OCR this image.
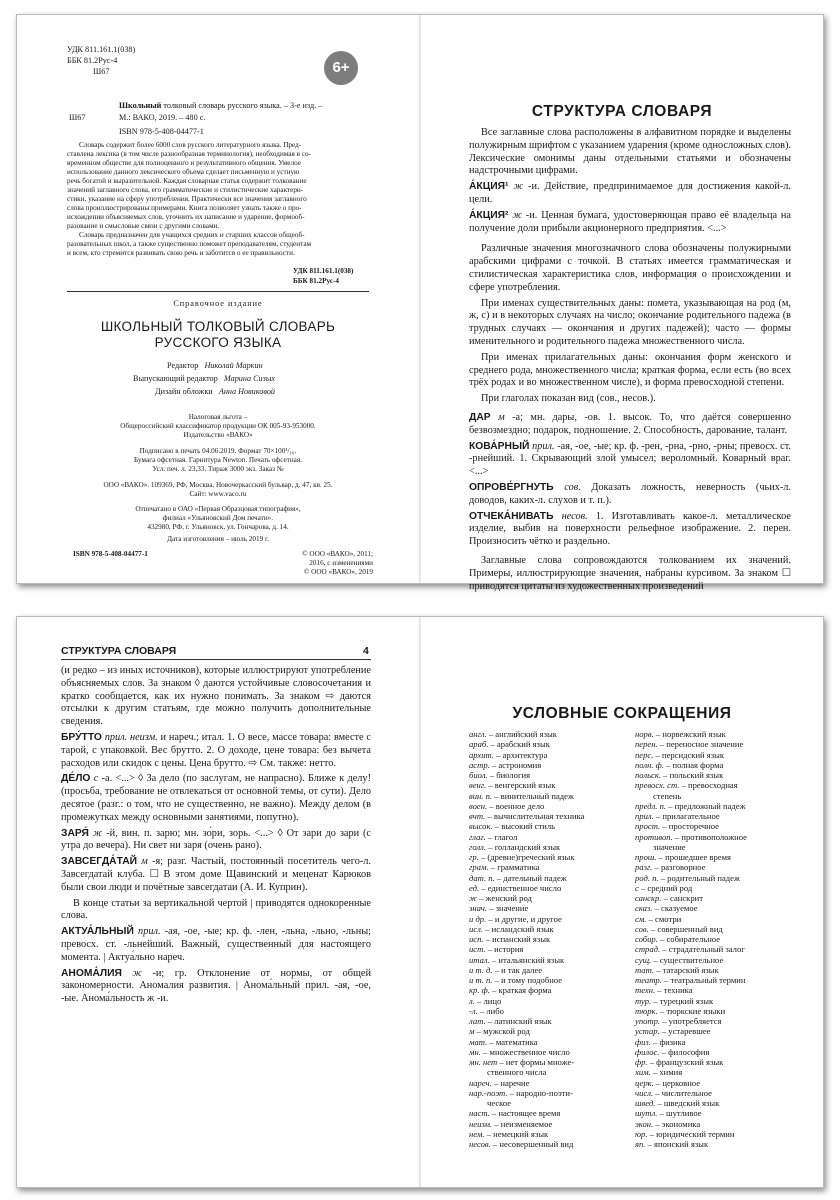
УДК 811.161.1(038)
ББК 81.2Рус-4
Ш67	6+
Школьный толковый словарь русского языка. – 3-е изд. –
Ш67	М.: ВАКО, 2019. – 480 с.
ISBN 978-5-408-04477-1
Словарь содержит более 6000 слов русского литературного языка. Пред-
ставлена лексика (в том числе разнообразная терминология), необходимая в со-
временном обществе для полноценного и результативного общения. Умелое
использование данного лексического объема сделает письменную и устную
речь богатой и выразительной. Каждая словарная статья содержит толкование
значений заглавного слова, его грамматические и стилистические характери-
стики, указание на сферу употребления. Практически все значения заглавного
слова проиллюстрированы примерами. Книга позволяет узнать также о про-
исхождении объясняемых слов, уточнить их написание и ударение, формооб-
разование и смысловые связи с другими словами.
Словарь предназначен для учащихся средних и старших классов общеоб-
разовательных школ, а также существенно поможет преподавателям, студентам
и всем, кто стремится развивать свою речь и заботится о ее правильности.
УДК 811.161.1(038)
ББК 81.2Рус-4
Справочное издание
ШКОЛЬНЫЙ ТОЛКОВЫЙ СЛОВАРЬ
РУССКОГО ЯЗЫКА
Редактор Николай Маркин
Выпускающий редактор Марина Сизых
Дизайн обложки Анна Новиковой
Налоговая льгота –
Общероссийский классификатор продукции ОК 005-93-953000.
Издательство «ВАКО»
Подписано в печать 04.06.2019. Формат 70×100¹/₁₆.
Бумага офсетная. Гарнитура Newton. Печать офсетная.
Усл. печ. л. 23,33. Тираж 3000 экз. Заказ №
ООО «ВАКО». 109369, РФ, Москва, Новочеркасский бульвар, д. 47, кв. 25.
Сайт: www.vaco.ru
Отпечатано в ОАО «Первая Образцовая типография»,
филиал «Ульяновский Дом печати».
432980, РФ, г. Ульяновск, ул. Гончарова, д. 14.
Дата изготовления – июль 2019 г.
ISBN 978-5-408-04477-1	© ООО «ВАКО», 2011;
2016, с изменениями
© ООО «ВАКО», 2019
СТРУКТУРА СЛОВАРЯ

Все заглавные слова расположены в алфавитном порядке и выделены полужирным шрифтом с указанием ударения (кроме односложных слов). Лексические омонимы даны отдельными статьями и обозначены надстрочными цифрами.

А́КЦИЯ¹ ж -и. Действие, предпринимаемое для достижения какой-л. цели.

А́КЦИЯ² ж -и. Ценная бумага, удостоверяющая право её владельца на получение доли прибыли акционерного предприятия. <...>

Различные значения многозначного слова обозначены полужирными арабскими цифрами с точкой. В статьях имеется грамматическая и стилистическая характеристика слов, информация о происхождении и сфере употребления.

При именах существительных даны: помета, указывающая на род (м, ж, с) и в некоторых случаях на число; окончание родительного падежа (в трудных случаях — окончания и других падежей); часто — формы именительного и родительного падежа множественного числа.

При именах прилагательных даны: окончания форм женского и среднего рода, множественного числа; краткая форма, если есть (во всех трёх родах и во множественном числе), и форма превосходной степени.

При глаголах показан вид (сов., несов.).

ДАР м -а; мн. дары, -ов. 1. высок. То, что даётся совершенно безвозмездно; подарок, подношение. 2. Способность, дарование, талант.

КОВА́РНЫЙ прил. -ая, -ое, -ые; кр. ф. -рен, -рна, -рно, -рны; превосх. ст. -рнейший. 1. Скрывающий злой умысел; вероломный. Коварный враг. <...>

ОПРОВЕ́РГНУТЬ сов. Доказать ложность, неверность (чьих-л. доводов, каких-л. слухов и т. п.).

ОТЧЕКА́НИВАТЬ несов. 1. Изготавливать какое-л. металлическое изделие, выбив на поверхности рельефное изображение. 2. перен. Произносить чётко и раздельно.

Заглавные слова сопровождаются толкованием их значений. Примеры, иллюстрирующие значения, набраны курсивом. За знаком ☐ приводятся цитаты из художественных произведений

СТРУКТУРА СЛОВАРЯ	4

(и редко – из иных источников), которые иллюстрируют употребление объясняемых слов. За знаком ◊ даются устойчивые словосочетания и кратко сообщается, как их нужно понимать. За знаком ⇨ даются отсылки к другим статьям, где можно получить дополнительные сведения.

БРУ́ТТО прил. неизм. и нареч.; итал. 1. О весе, массе товара: вместе с тарой, с упаковкой. Вес брутто. 2. О доходе, цене товара: без вычета расходов или скидок с цены. Цена брутто. ⇨ См. также: нетто.

ДЕ́ЛО с -а. <...> ◊ За дело (по заслугам, не напрасно). Ближе к делу! (просьба, требование не отвлекаться от основной темы, от сути). Дело десятое (разг.: о том, что не существенно, не важно). Между делом (в промежутках между основными занятиями, попутно).

ЗАРЯ́ ж -й, вин. п. зарю; мн. зо́ри, зорь. <...> ◊ От зари до зари (с утра до вечера). Ни свет ни заря (очень рано).

ЗАВСЕГДА́ТАЙ м -я; разг. Частый, постоянный посетитель чего-л. Завсегдатай клуба. ☐ В этом доме Щавинский и меценат Карюков были свои люди и почётные завсегдатаи (А. И. Куприн).

В конце статьи за вертикальной чертой | приводятся однокоренные слова.

АКТУА́ЛЬНЫЙ прил. -ая, -ое, -ые; кр. ф. -лен, -льна, -льно, -льны; превосх. ст. -льнейший. Важный, существенный для настоящего момента. | Актуа́льно нареч.

АНОМА́ЛИЯ ж -и; гр. Отклонение от нормы, от общей закономерности. Аномалия развития. | Анома́льный прил. -ая, -ое, -ые. Анома́льность ж -и.

УСЛОВНЫЕ СОКРАЩЕНИЯ
англ. – английский язык
араб. – арабский язык
архит. – архитектура
астр. – астрономия
биол. – биология
венг. – венгерский язык
вин. п. – винительный падеж
воен. – военное дело
вчт. – вычислительная техника
высок. – высокий стиль
глаг. – глагол
голл. – голландский язык
гр. – (древне)греческий язык
грам. – грамматика
дат. п. – дательный падеж
ед. – единственное число
ж – женский род
знач. – значение
и др. – и другие, и другое
исл. – исландский язык
исп. – испанский язык
ист. – история
итал. – итальянский язык
и т. д. – и так далее
и т. п. – и тому подобное
кр. ф. – краткая форма
л. – лицо
-л. – либо
лат. – латинский язык
м – мужской род
мат. – математика
мн. – множественное число
мн. нет – нет формы множе-
ственного числа
нареч. – наречие
нар.-поэт. – народно-поэти-
ческое
наст. – настоящее время
неизм. – неизменяемое
нем. – немецкий язык
несов. – несовершенный вид
норв. – норвежский язык
перен. – переносное значение
перс. – персидский язык
полн. ф. – полная форма
польск. – польский язык
превосх. ст. – превосходная
степень
предл. п. – предложный падеж
прил. – прилагательное
прост. – просторечное
противоп. – противоположное
значение
прош. – прошедшее время
разг. – разговорное
род. п. – родительный падеж
с – средний род
санскр. – санскрит
сказ. – сказуемое
см. – смотри
сов. – совершенный вид
собир. – собирательное
страд. – страдательный залог
сущ. – существительное
тат. – татарский язык
театр. – театральный термин
техн. – техника
тур. – турецкий язык
тюрк. – тюркские языки
употр. – употребляется
устар. – устаревшее
физ. – физика
филос. – философия
фр. – французский язык
хим. – химия
церк. – церковное
числ. – числительное
швед. – шведский язык
шутл. – шутливое
экон. – экономика
юр. – юридический термин
яп. – японский язык
